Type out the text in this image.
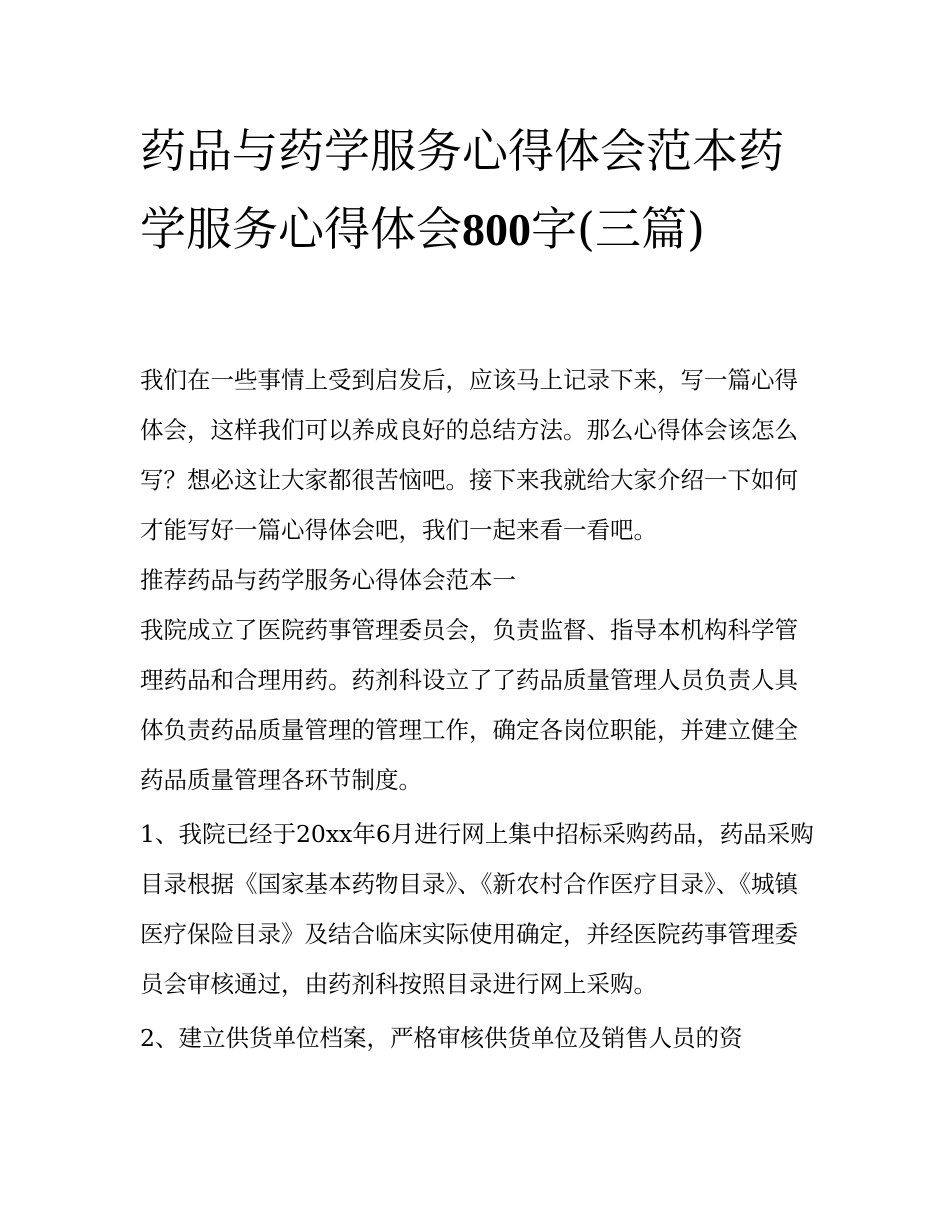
药品与药学服务心得体会范本药学服务心得体会800字(三篇)

我们在一些事情上受到启发后，应该马上记录下来，写一篇心得体会，这样我们可以养成良好的总结方法。那么心得体会该怎么写？想必这让大家都很苦恼吧。接下来我就给大家介绍一下如何才能写好一篇心得体会吧，我们一起来看一看吧。

推荐药品与药学服务心得体会范本一

我院成立了医院药事管理委员会，负责监督、指导本机构科学管理药品和合理用药。药剂科设立了了药品质量管理人员负责人具体负责药品质量管理的管理工作，确定各岗位职能，并建立健全药品质量管理各环节制度。

1、我院已经于20xx年6月进行网上集中招标采购药品，药品采购目录根据《国家基本药物目录》、《新农村合作医疗目录》、《城镇医疗保险目录》及结合临床实际使用确定，并经医院药事管理委员会审核通过，由药剂科按照目录进行网上采购。

2、建立供货单位档案，严格审核供货单位及销售人员的资
